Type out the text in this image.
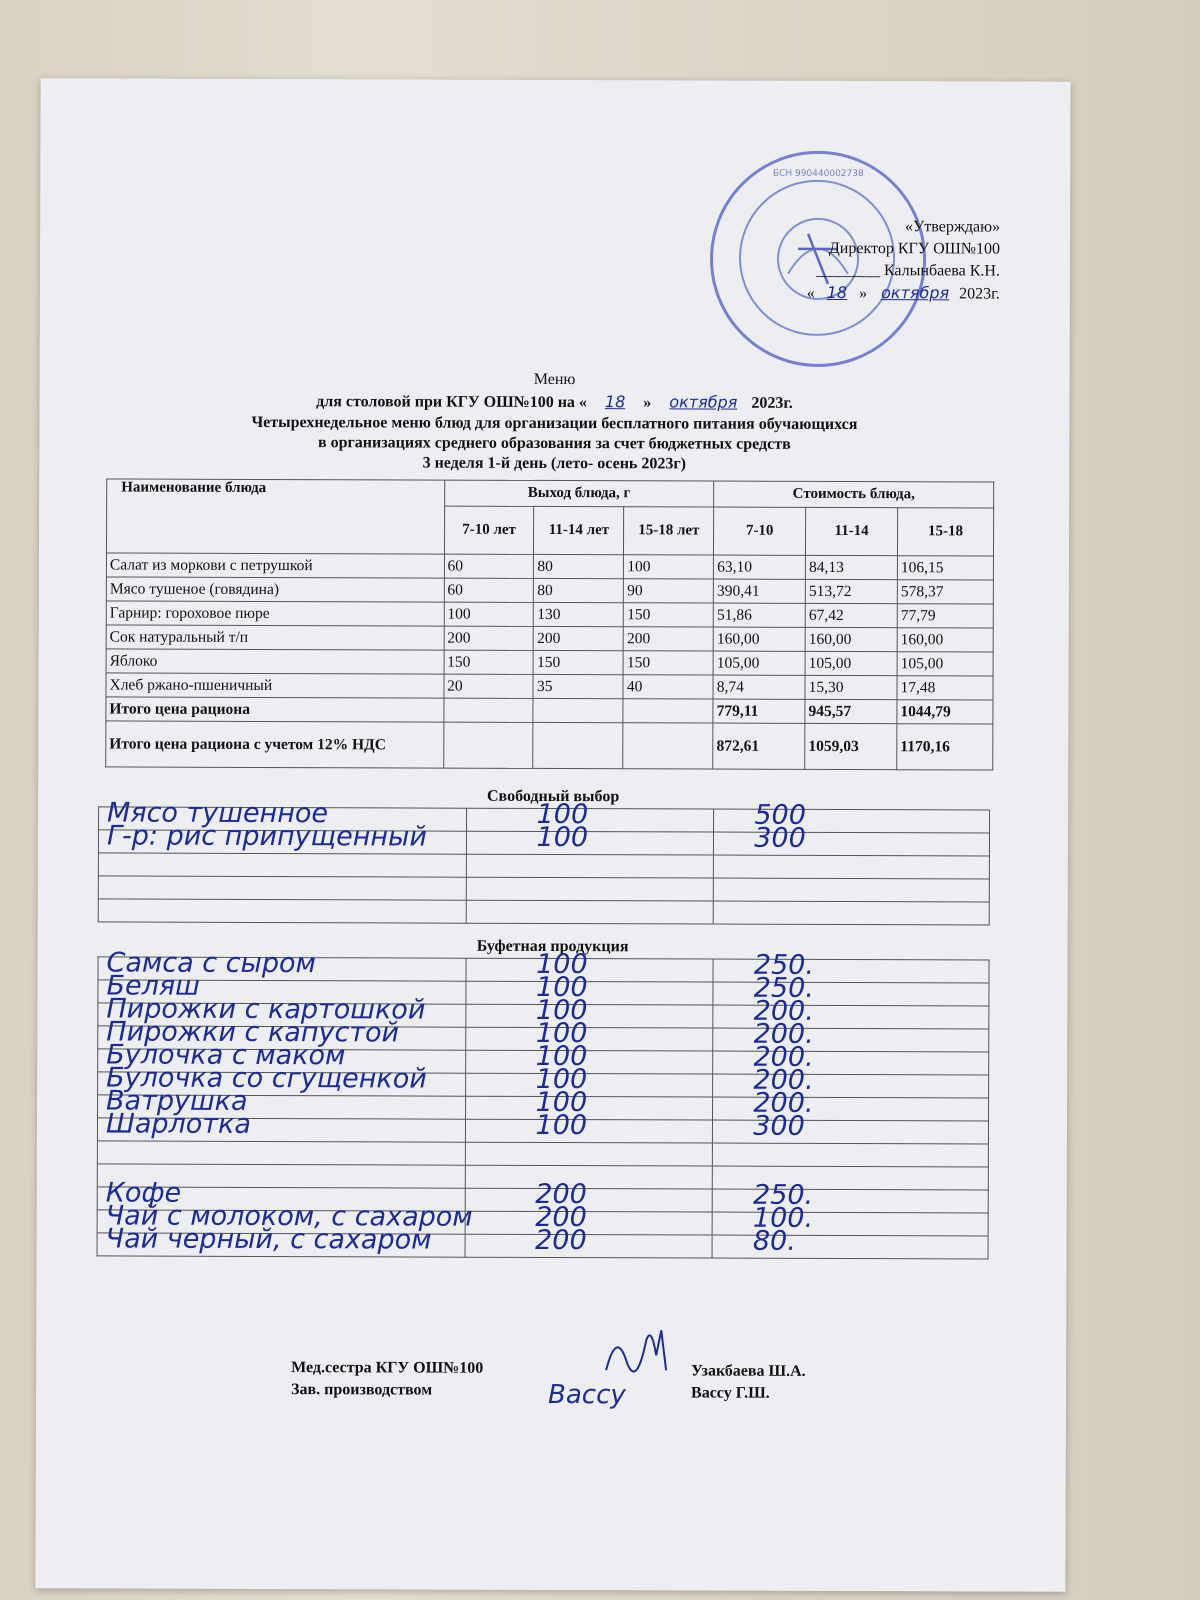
БСН 990440002738
«Утверждаю»
Директор КГУ ОШ№100
________ Калынбаева К.Н.
« 18 » октября 2023г.
Меню
для столовой при КГУ ОШ№100 на « 18 » октября 2023г.
Четырехнедельное меню блюд для организации бесплатного питания обучающихся
в организациях среднего образования за счет бюджетных средств
3 неделя 1-й день (лето- осень 2023г)
Наименование блюда	Выход блюда, г			Стоимость блюда,		
	7-10 лет	11-14 лет	15-18 лет	7-10	11-14	15-18
Салат из моркови с петрушкой	60	80	100	63,10	84,13	106,15
Мясо тушеное (говядина)	60	80	90	390,41	513,72	578,37
Гарнир: гороховое пюре	100	130	150	51,86	67,42	77,79
Сок натуральный т/п	200	200	200	160,00	160,00	160,00
Яблоко	150	150	150	105,00	105,00	105,00
Хлеб ржано-пшеничный	20	35	40	8,74	15,30	17,48
Итого цена рациона				779,11	945,57	1044,79
Итого цена рациона с учетом 12% НДС				872,61	1059,03	1170,16
Свободный выбор
Мясо тушенное	100	500

Г-р: рис припущенный	100	300

Буфетная продукция
Самса с сыром	100	250.

Беляш	100	250.

Пирожки с картошкой	100	200.

Пирожки с капустой	100	200.

Булочка с маком	100	200.

Булочка со сгущенкой	100	200.

Ватрушка	100	200.

Шарлотка	100	300

Кофе	200	250.

Чай с молоком, с сахаром	200	100.

Чай черный, с сахаром	200	80.
Мед.сестра КГУ ОШ№100	Узакбаева Ш.А.
Зав. производством	Вассу Г.Ш.
Вассу
